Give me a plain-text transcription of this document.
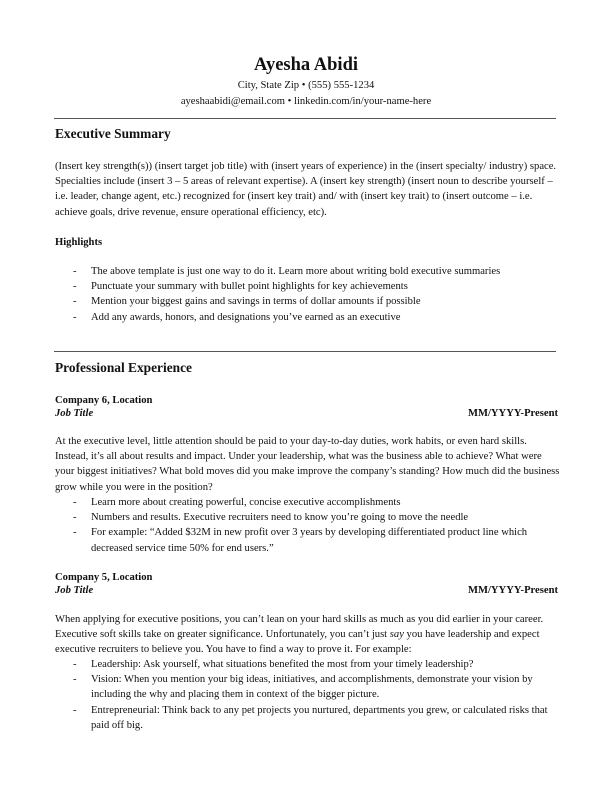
Ayesha Abidi
City, State Zip • (555) 555-1234
ayeshaabidi@email.com • linkedin.com/in/your-name-here
Executive Summary

(Insert key strength(s)) (insert target job title) with (insert years of experience) in the (insert specialty/ industry) space. Specialties include (insert 3 – 5 areas of relevant expertise). A (insert key strength) (insert noun to describe yourself – i.e. leader, change agent, etc.) recognized for (insert key trait) and/ with (insert key trait) to (insert outcome – i.e. achieve goals, drive revenue, ensure operational efficiency, etc).

Highlights
- The above template is just one way to do it. Learn more about writing bold executive summaries
- Punctuate your summary with bullet point highlights for key achievements
- Mention your biggest gains and savings in terms of dollar amounts if possible
- Add any awards, honors, and designations you’ve earned as an executive
Professional Experience
Company 6, Location
Job Title	MM/YYYY-Present

At the executive level, little attention should be paid to your day-to-day duties, work habits, or even hard skills. Instead, it’s all about results and impact. Under your leadership, what was the business able to achieve? What were your biggest initiatives? What bold moves did you make improve the company’s standing? How much did the business grow while you were in the position?

- Learn more about creating powerful, concise executive accomplishments
- Numbers and results. Executive recruiters need to know you’re going to move the needle
- For example: “Added $32M in new profit over 3 years by developing differentiated product line which decreased service time 50% for end users.”
Company 5, Location
Job Title	MM/YYYY-Present

When applying for executive positions, you can’t lean on your hard skills as much as you did earlier in your career. Executive soft skills take on greater significance. Unfortunately, you can’t just say you have leadership and expect executive recruiters to believe you. You have to find a way to prove it. For example:

- Leadership: Ask yourself, what situations benefited the most from your timely leadership?
- Vision: When you mention your big ideas, initiatives, and accomplishments, demonstrate your vision by including the why and placing them in context of the bigger picture.
- Entrepreneurial: Think back to any pet projects you nurtured, departments you grew, or calculated risks that paid off big.
